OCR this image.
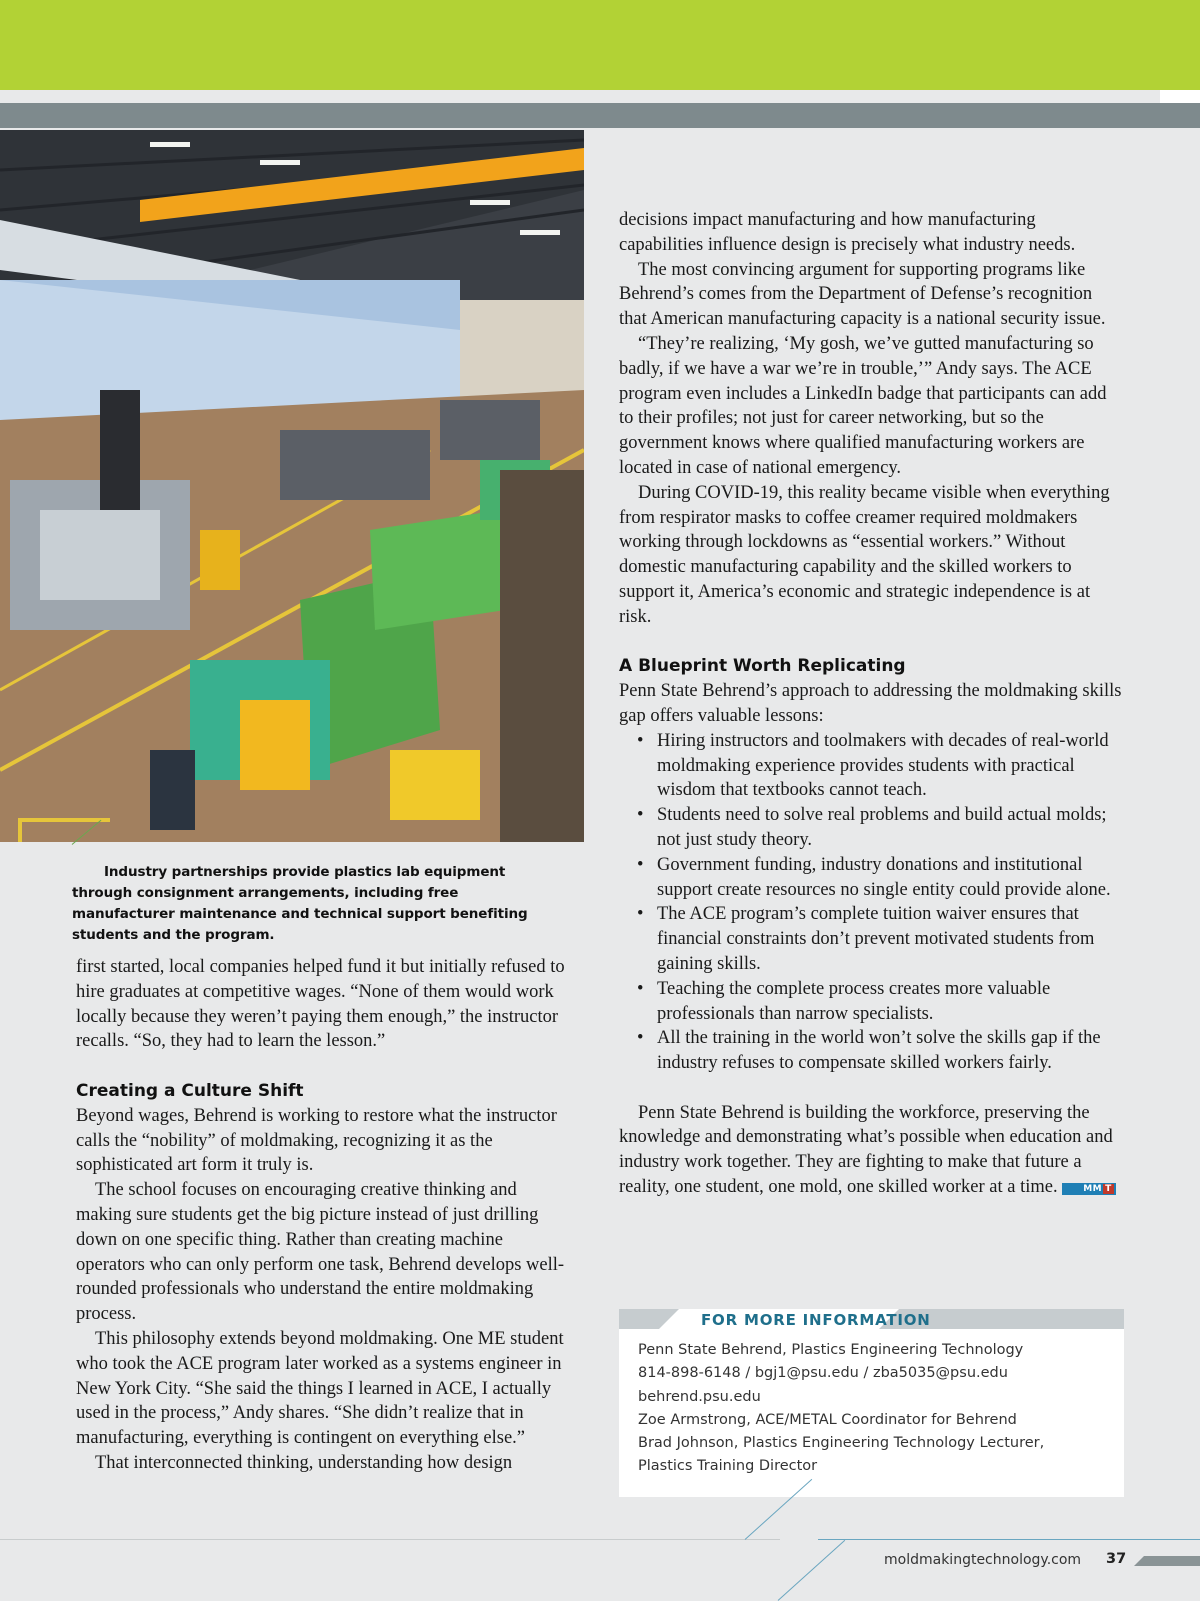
Industry partnerships provide plastics lab equipment through consignment arrangements, including free manufacturer maintenance and technical support benefiting students and the program.

first started, local companies helped fund it but initially refused to hire graduates at competitive wages. “None of them would work locally because they weren’t paying them enough,” the instructor recalls. “So, they had to learn the lesson.”

Creating a Culture Shift

Beyond wages, Behrend is working to restore what the instructor calls the “nobility” of moldmaking, recognizing it as the sophisticated art form it truly is.

The school focuses on encouraging creative thinking and making sure students get the big picture instead of just drilling down on one specific thing. Rather than creating machine operators who can only perform one task, Behrend develops well-rounded professionals who understand the entire moldmaking process.

This philosophy extends beyond moldmaking. One ME student who took the ACE program later worked as a systems engineer in New York City. “She said the things I learned in ACE, I actually used in the process,” Andy shares. “She didn’t realize that in manufacturing, everything is contingent on everything else.”

That interconnected thinking, understanding how design

decisions impact manufacturing and how manufacturing capabilities influence design is precisely what industry needs.

The most convincing argument for supporting programs like Behrend’s comes from the Department of Defense’s recognition that American manufacturing capacity is a national security issue.

“They’re realizing, ‘My gosh, we’ve gutted manufacturing so badly, if we have a war we’re in trouble,’” Andy says. The ACE program even includes a LinkedIn badge that participants can add to their profiles; not just for career networking, but so the government knows where qualified manufacturing workers are located in case of national emergency.

During COVID-19, this reality became visible when everything from respirator masks to coffee creamer required moldmakers working through lockdowns as “essential workers.” Without domestic manufacturing capability and the skilled workers to support it, America’s economic and strategic independence is at risk.

A Blueprint Worth Replicating

Penn State Behrend’s approach to addressing the moldmaking skills gap offers valuable lessons:

• Hiring instructors and toolmakers with decades of real-world moldmaking experience provides students with practical wisdom that textbooks cannot teach.
• Students need to solve real problems and build actual molds; not just study theory.
• Government funding, industry donations and institutional support create resources no single entity could provide alone.
• The ACE program’s complete tuition waiver ensures that financial constraints don’t prevent motivated students from gaining skills.
• Teaching the complete process creates more valuable professionals than narrow specialists.
• All the training in the world won’t solve the skills gap if the industry refuses to compensate skilled workers fairly.

Penn State Behrend is building the workforce, preserving the knowledge and demonstrating what’s possible when education and industry work together. They are fighting to make that future a reality, one student, one mold, one skilled worker at a time.	MM T

FOR MORE INFORMATION
Penn State Behrend, Plastics Engineering Technology
814-898-6148 / bgj1@psu.edu / zba5035@psu.edu
behrend.psu.edu
Zoe Armstrong, ACE/METAL Coordinator for Behrend
Brad Johnson, Plastics Engineering Technology Lecturer,
Plastics Training Director
moldmakingtechnology.com 37
